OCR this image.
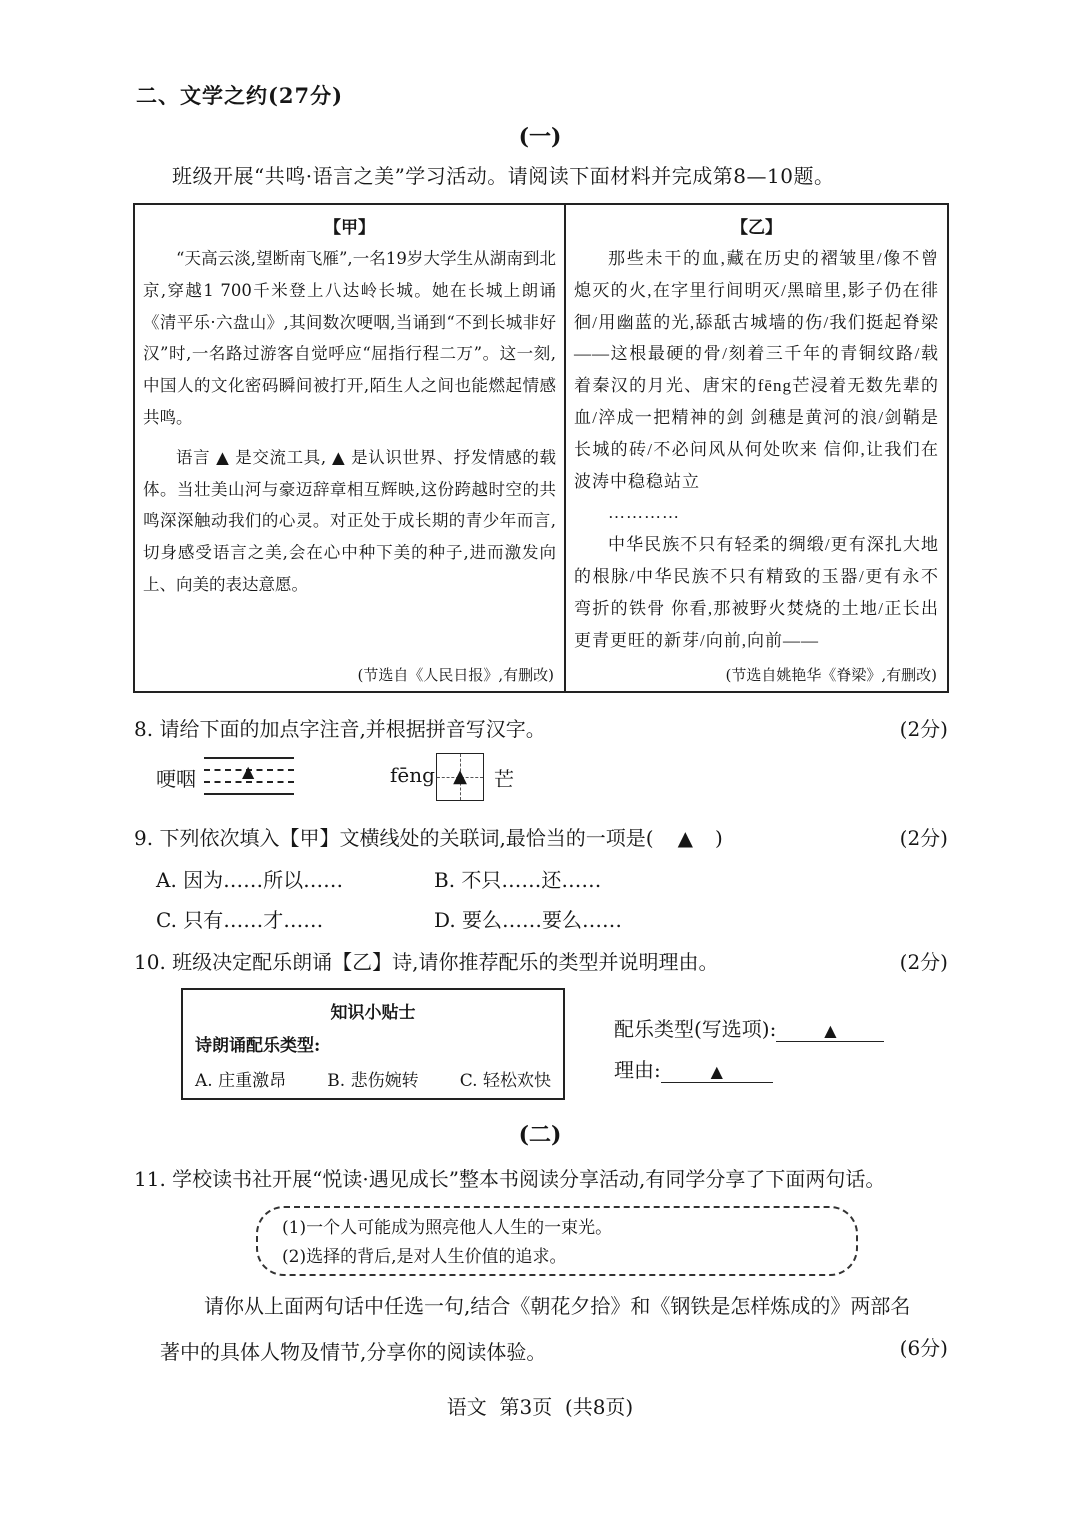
二、文学之约(27分)
(一)
班级开展“共鸣·语言之美”学习活动。请阅读下面材料并完成第8—10题。
【甲】

“天高云淡,望断南飞雁”,一名19岁大学生从湖南到北京,穿越1 700千米登上八达岭长城。她在长城上朗诵《清平乐·六盘山》,其间数次哽咽,当诵到“不到长城非好汉”时,一名路过游客自觉呼应“屈指行程二万”。这一刻,中国人的文化密码瞬间被打开,陌生人之间也能燃起情感共鸣。

语言 ▲ 是交流工具, ▲ 是认识世界、抒发情感的载体。当壮美山河与豪迈辞章相互辉映,这份跨越时空的共鸣深深触动我们的心灵。对正处于成长期的青少年而言,切身感受语言之美,会在心中种下美的种子,进而激发向上、向美的表达意愿。

(节选自《人民日报》,有删改)
【乙】

那些未干的血,藏在历史的褶皱里/像不曾熄灭的火,在字里行间明灭/黑暗里,影子仍在徘徊/用幽蓝的光,舔舐古城墙的伤/我们挺起脊梁——这根最硬的骨/刻着三千年的青铜纹路/载着秦汉的月光、唐宋的fēng芒浸着无数先辈的血/淬成一把精神的剑 剑穗是黄河的浪/剑鞘是长城的砖/不必问风从何处吹来 信仰,让我们在波涛中稳稳站立

…………

中华民族不只有轻柔的绸缎/更有深扎大地的根脉/中华民族不只有精致的玉器/更有永不弯折的铁骨 你看,那被野火焚烧的土地/正长出更青更旺的新芽/向前,向前——

(节选自姚艳华《脊梁》,有删改)
8. 请给下面的加点字注音,并根据拼音写汉字。	(2分)
哽咽	▲	fēng	▲	芒
9. 下列依次填入【甲】文横线处的关联词,最恰当的一项是( ▲ )	(2分)
A. 因为……所以……	B. 不只……还……
C. 只有……才……	D. 要么……要么……
10. 班级决定配乐朗诵【乙】诗,请你推荐配乐的类型并说明理由。	(2分)
知识小贴士
诗朗诵配乐类型:
A. 庄重激昂 B. 悲伤婉转 C. 轻松欢快
配乐类型(写选项):	▲
理由:	▲
(二)
11. 学校读书社开展“悦读·遇见成长”整本书阅读分享活动,有同学分享了下面两句话。
(1)一个人可能成为照亮他人人生的一束光。
(2)选择的背后,是对人生价值的追求。
请你从上面两句话中任选一句,结合《朝花夕拾》和《钢铁是怎样炼成的》两部名
著中的具体人物及情节,分享你的阅读体验。	(6分)
语文  第3页  (共8页)
